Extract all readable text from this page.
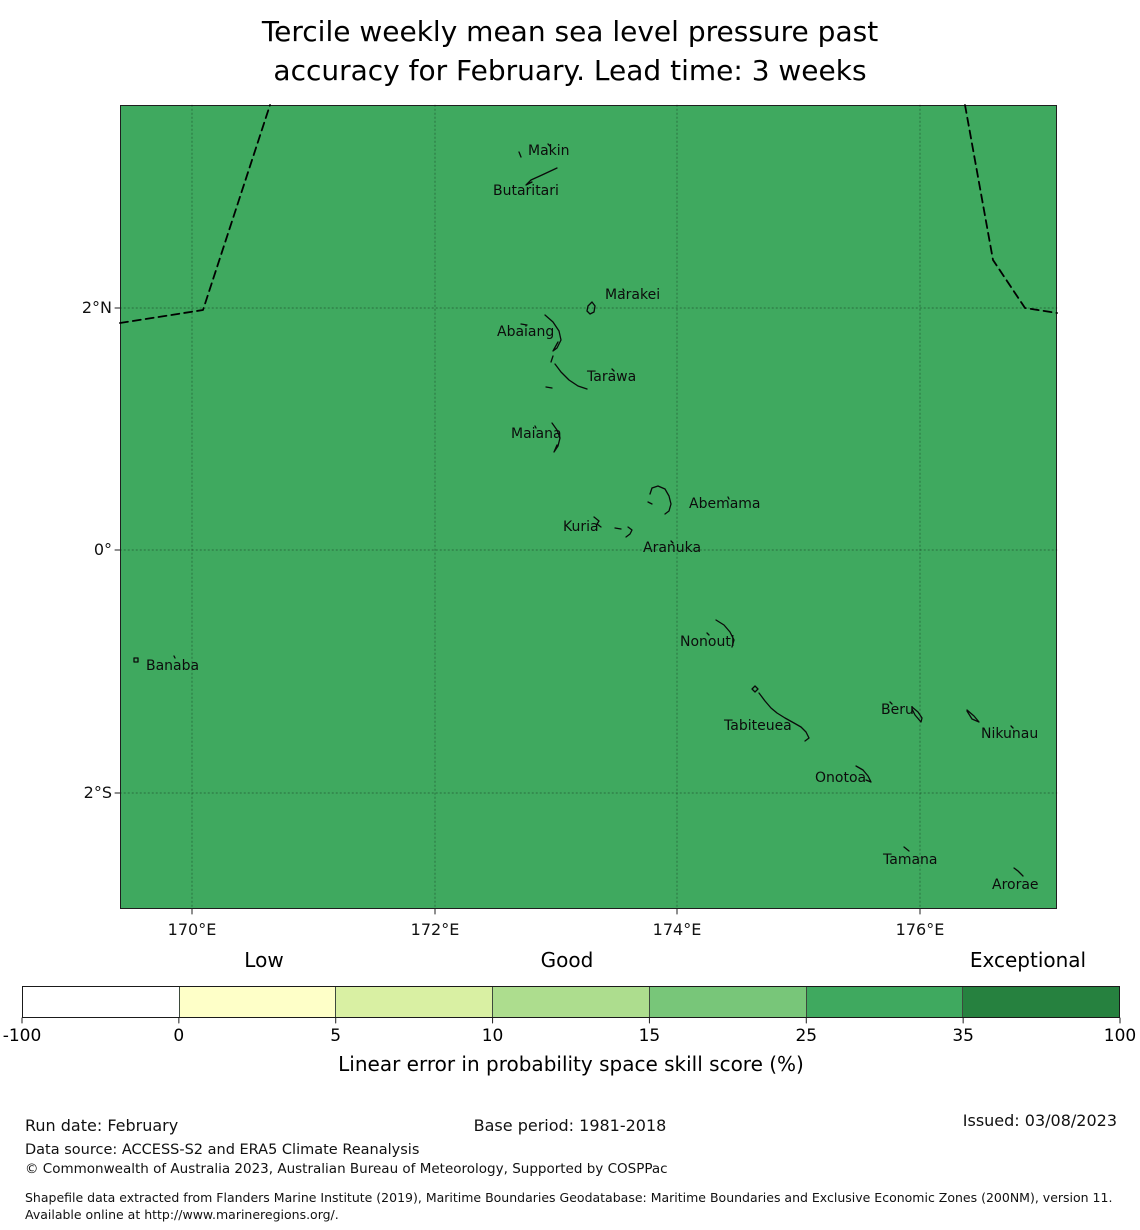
Tercile weekly mean sea level pressure past
accuracy for February. Lead time: 3 weeks
170°E	172°E	174°E	176°E
2°N
0°
2°S
Makin
Butaritari
Marakei
Abaiang
Tarawa
Maiana
Abemama
Kuria
Aranuka
Nonouti
Banaba
Tabiteuea
Beru
Nikunau
Onotoa
Tamana
Arorae
-100	0	5	10	15	25	35	100
Low	Good	Exceptional
Linear error in probability space skill score (%)
Run date: February	Base period: 1981-2018	Issued: 03/08/2023
Data source: ACCESS-S2 and ERA5 Climate Reanalysis
© Commonwealth of Australia 2023, Australian Bureau of Meteorology, Supported by COSPPac
Shapefile data extracted from Flanders Marine Institute (2019), Maritime Boundaries Geodatabase: Maritime Boundaries and Exclusive Economic Zones (200NM), version 11. Available online at http://www.marineregions.org/.
